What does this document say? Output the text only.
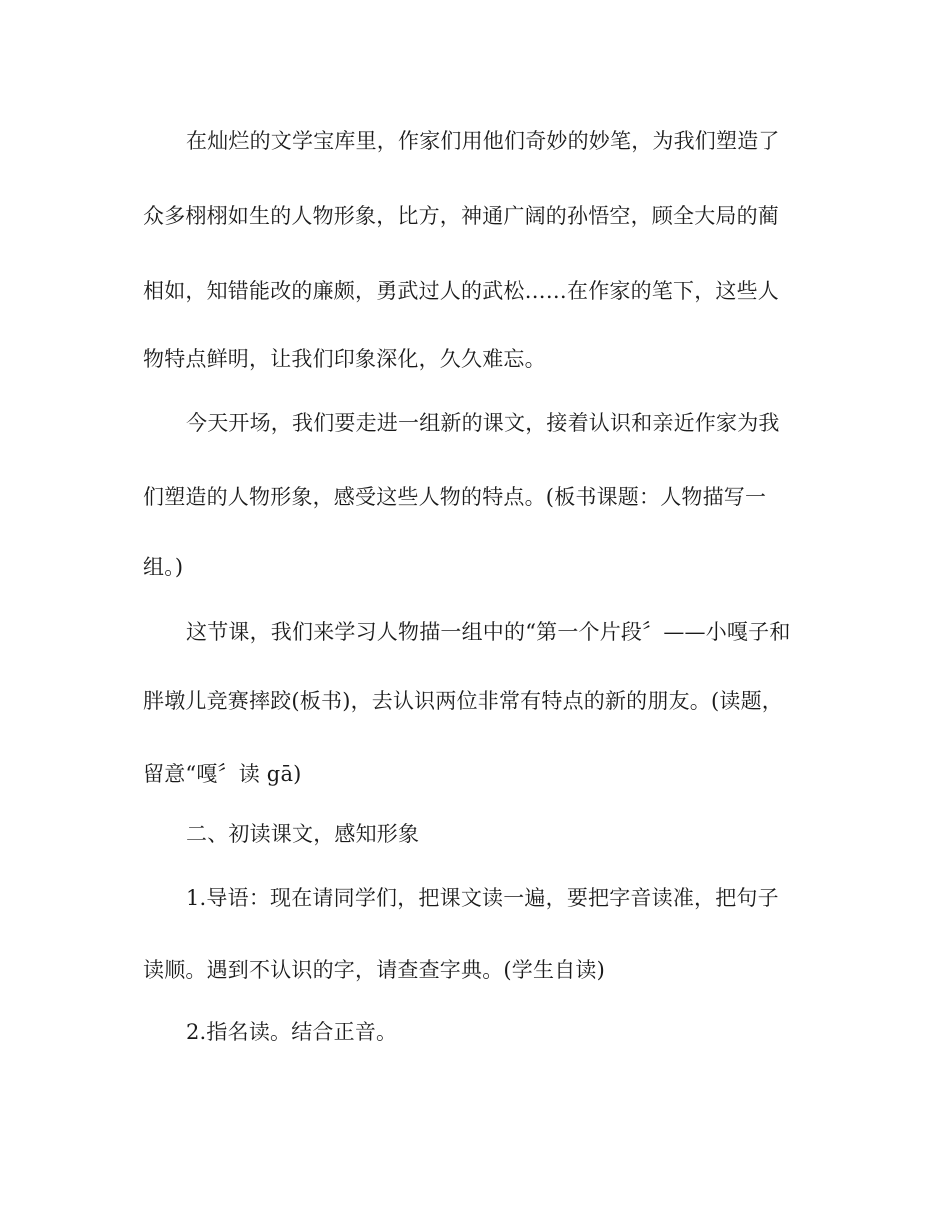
在灿烂的文学宝库里，作家们用他们奇妙的妙笔，为我们塑造了
众多栩栩如生的人物形象，比方，神通广阔的孙悟空，顾全大局的蔺
相如，知错能改的廉颇，勇武过人的武松……在作家的笔下，这些人
物特点鲜明，让我们印象深化，久久难忘。
今天开场，我们要走进一组新的课文，接着认识和亲近作家为我
们塑造的人物形象，感受这些人物的特点。(板书课题：人物描写一
组。)
这节课，我们来学习人物描一组中的“第一个片段〞——小嘎子和
胖墩儿竞赛摔跤(板书)，去认识两位非常有特点的新的朋友。(读题，
留意“嘎〞读 gā)
二、初读课文，感知形象
1.导语：现在请同学们，把课文读一遍，要把字音读准，把句子
读顺。遇到不认识的字，请查查字典。(学生自读)
2.指名读。结合正音。
